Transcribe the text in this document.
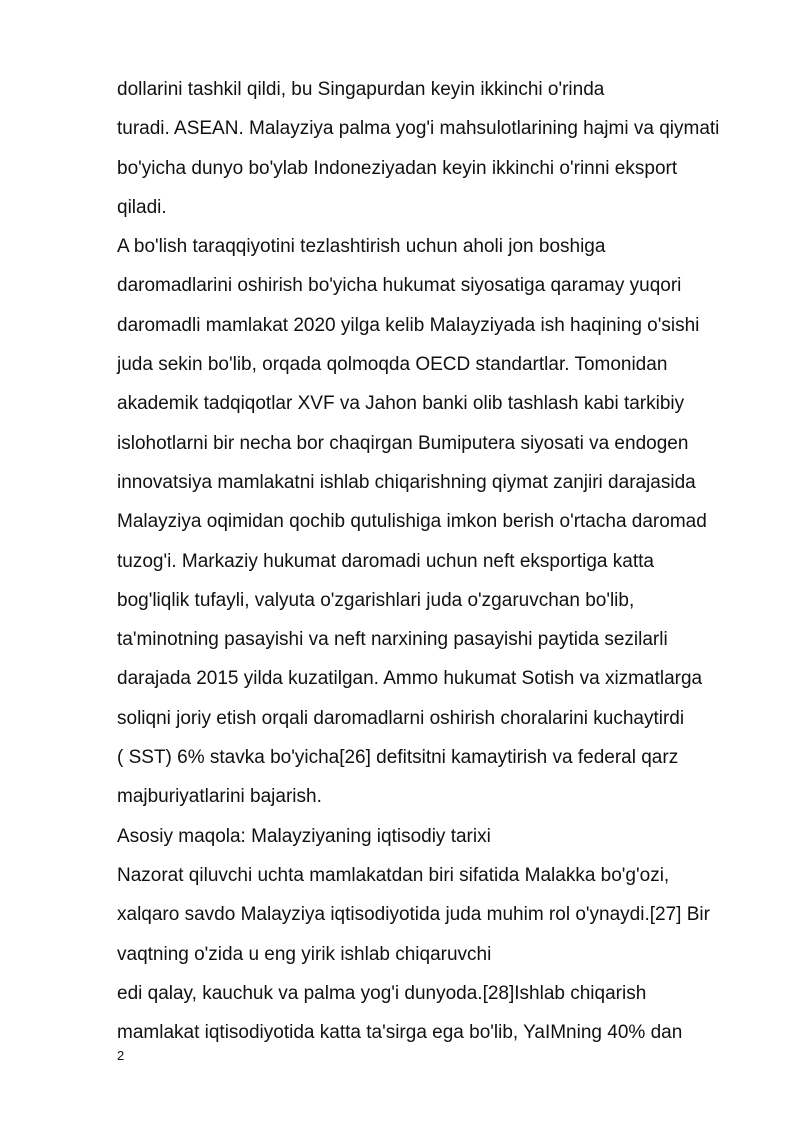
dollarini tashkil qildi, bu Singapurdan keyin ikkinchi o'rinda
turadi. ASEAN. Malayziya palma yog'i mahsulotlarining hajmi va qiymati
bo'yicha dunyo bo'ylab Indoneziyadan keyin ikkinchi o'rinni eksport
qiladi.
A bo'lish taraqqiyotini tezlashtirish uchun aholi jon boshiga
daromadlarini oshirish bo'yicha hukumat siyosatiga qaramay yuqori
daromadli mamlakat 2020 yilga kelib Malayziyada ish haqining o'sishi
juda sekin bo'lib, orqada qolmoqda OECD standartlar. Tomonidan
akademik tadqiqotlar XVF va Jahon banki olib tashlash kabi tarkibiy
islohotlarni bir necha bor chaqirgan Bumiputera siyosati va endogen
innovatsiya mamlakatni ishlab chiqarishning qiymat zanjiri darajasida
Malayziya oqimidan qochib qutulishiga imkon berish o'rtacha daromad
tuzog'i. Markaziy hukumat daromadi uchun neft eksportiga katta
bog'liqlik tufayli, valyuta o'zgarishlari juda o'zgaruvchan bo'lib,
ta'minotning pasayishi va neft narxining pasayishi paytida sezilarli
darajada 2015 yilda kuzatilgan. Ammo hukumat Sotish va xizmatlarga
soliqni joriy etish orqali daromadlarni oshirish choralarini kuchaytirdi
( SST) 6% stavka bo'yicha[26] defitsitni kamaytirish va federal qarz
majburiyatlarini bajarish.
Asosiy maqola: Malayziyaning iqtisodiy tarixi
Nazorat qiluvchi uchta mamlakatdan biri sifatida Malakka bo'g'ozi,
xalqaro savdo Malayziya iqtisodiyotida juda muhim rol o'ynaydi.[27] Bir
vaqtning o'zida u eng yirik ishlab chiqaruvchi
edi qalay, kauchuk va palma yog'i dunyoda.[28]Ishlab chiqarish
mamlakat iqtisodiyotida katta ta'sirga ega bo'lib, YaIMning 40% dan
2
